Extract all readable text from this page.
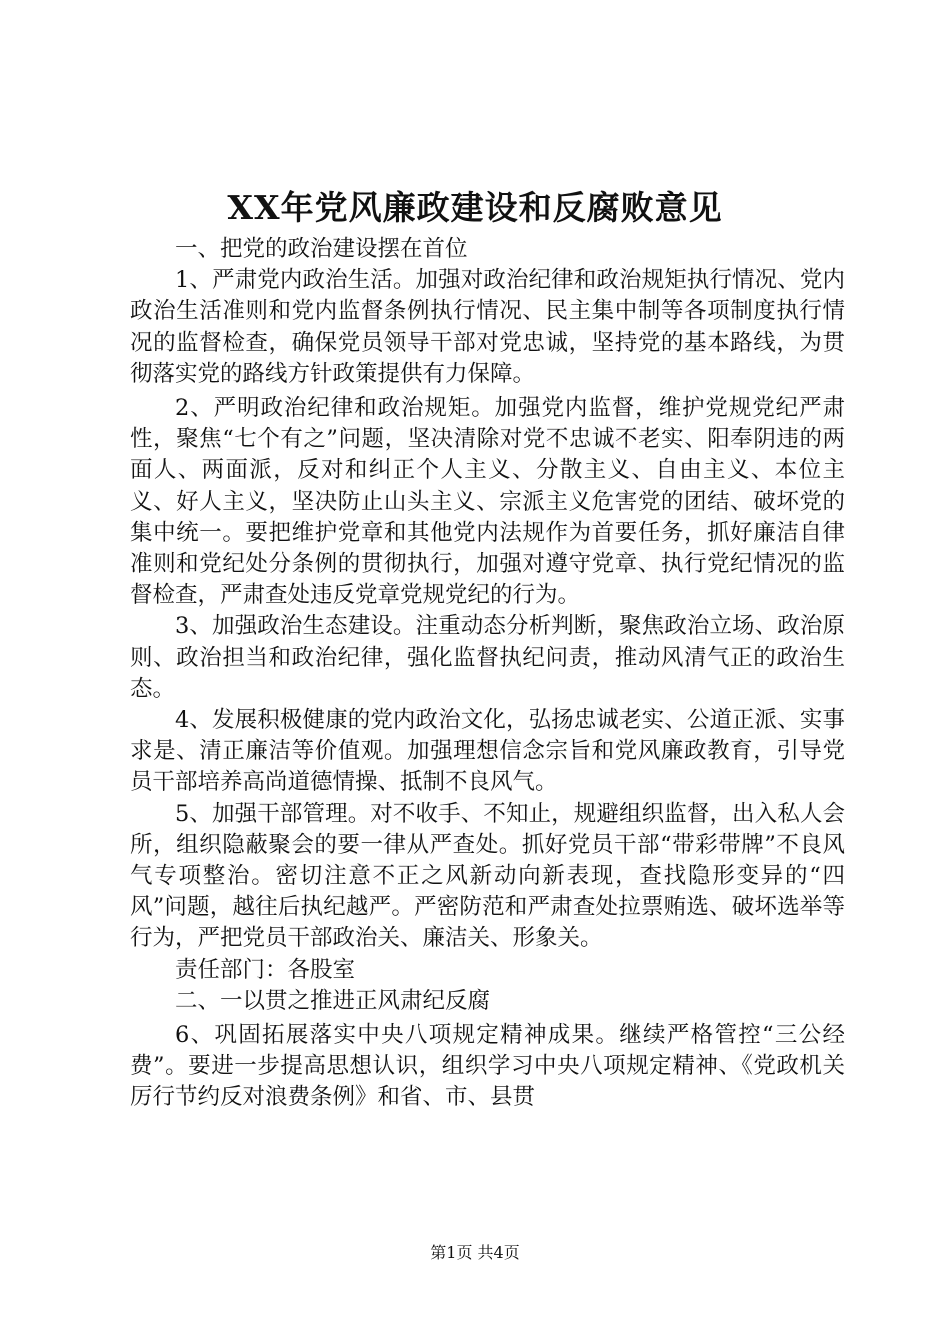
XX年党风廉政建设和反腐败意见

一、把党的政治建设摆在首位

1、严肃党内政治生活。加强对政治纪律和政治规矩执行情况、党内政治生活准则和党内监督条例执行情况、民主集中制等各项制度执行情况的监督检查，确保党员领导干部对党忠诚，坚持党的基本路线，为贯彻落实党的路线方针政策提供有力保障。

2、严明政治纪律和政治规矩。加强党内监督，维护党规党纪严肃性，聚焦“七个有之”问题，坚决清除对党不忠诚不老实、阳奉阴违的两面人、两面派，反对和纠正个人主义、分散主义、自由主义、本位主义、好人主义，坚决防止山头主义、宗派主义危害党的团结、破坏党的集中统一。要把维护党章和其他党内法规作为首要任务，抓好廉洁自律准则和党纪处分条例的贯彻执行，加强对遵守党章、执行党纪情况的监督检查，严肃查处违反党章党规党纪的行为。

3、加强政治生态建设。注重动态分析判断，聚焦政治立场、政治原则、政治担当和政治纪律，强化监督执纪问责，推动风清气正的政治生态。

4、发展积极健康的党内政治文化，弘扬忠诚老实、公道正派、实事求是、清正廉洁等价值观。加强理想信念宗旨和党风廉政教育，引导党员干部培养高尚道德情操、抵制不良风气。

5、加强干部管理。对不收手、不知止，规避组织监督，出入私人会所，组织隐蔽聚会的要一律从严查处。抓好党员干部“带彩带牌”不良风气专项整治。密切注意不正之风新动向新表现，查找隐形变异的“四风”问题，越往后执纪越严。严密防范和严肃查处拉票贿选、破坏选举等行为，严把党员干部政治关、廉洁关、形象关。

责任部门：各股室

二、一以贯之推进正风肃纪反腐

6、巩固拓展落实中央八项规定精神成果。继续严格管控“三公经费”。要进一步提高思想认识，组织学习中央八项规定精神、《党政机关厉行节约反对浪费条例》和省、市、县贯

第1页 共4页
